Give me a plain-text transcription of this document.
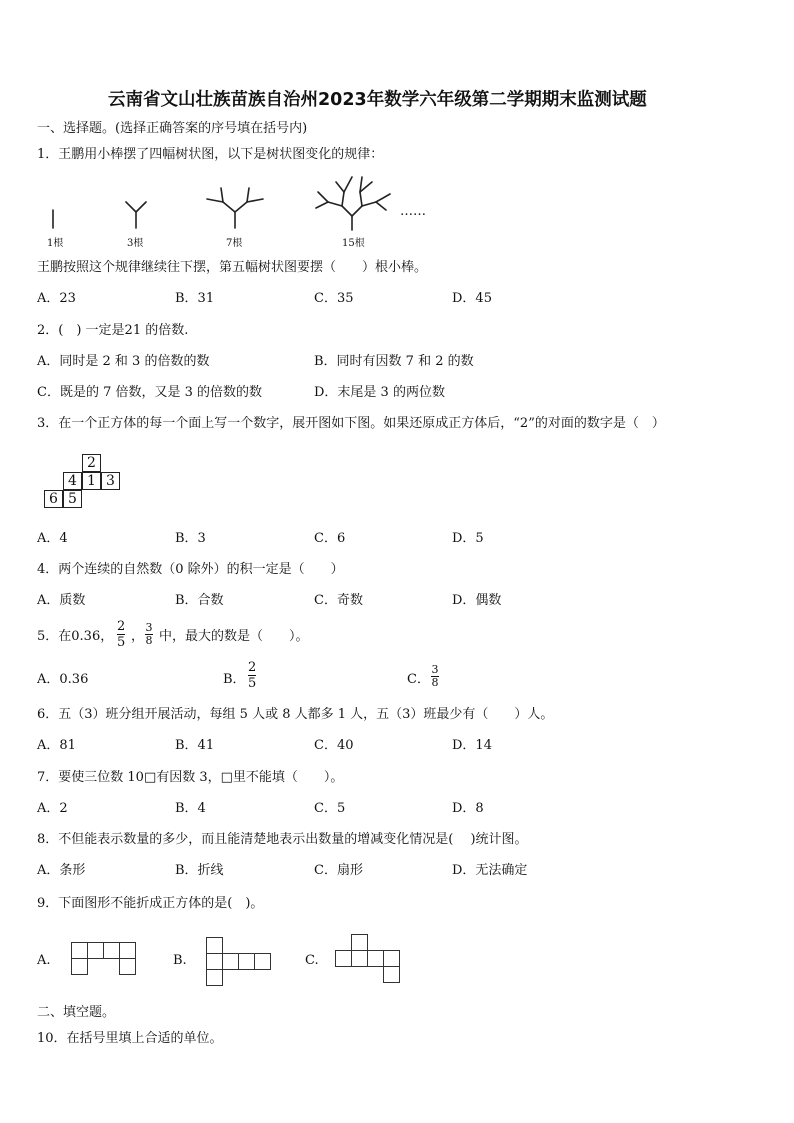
云南省文山壮族苗族自治州2023年数学六年级第二学期期末监测试题
一、选择题。(选择正确答案的序号填在括号内)
1．王鹏用小棒摆了四幅树状图，以下是树状图变化的规律：
1根	3根	7根	15根
……
王鹏按照这个规律继续往下摆，第五幅树状图要摆（　　）根小棒。
A．23	B．31	C．35	D．45
2．(　) 一定是21 的倍数.
A．同时是 2 和 3 的倍数的数	B．同时有因数 7 和 2 的数
C．既是的 7 倍数，又是 3 的倍数的数	D．末尾是 3 的两位数
3．在一个正方体的每一个面上写一个数字，展开图如下图。如果还原成正方体后，“2”的对面的数字是（　）
2
4 1 3
6 5
A．4	B．3	C．6	D．5
4．两个连续的自然数（0 除外）的积一定是（　　）
A．质数	B．合数	C．奇数	D．偶数
5．在0.36，
2
5 ，
3
8 中，最大的数是（　　）。
A．0.36	B．
2
5	C．
3
8
6．五（3）班分组开展活动，每组 5 人或 8 人都多 1 人，五（3）班最少有（　　）人。
A．81	B．41	C．40	D．14
7．要使三位数 10□有因数 3，□里不能填（　　）。
A．2	B．4	C．5	D．8
8．不但能表示数量的多少，而且能清楚地表示出数量的增减变化情况是(　 )统计图。
A．条形	B．折线	C．扇形	D．无法确定
9．下面图形不能折成正方体的是(　)。
A.	B.	C.
二、填空题。
10．在括号里填上合适的单位。
